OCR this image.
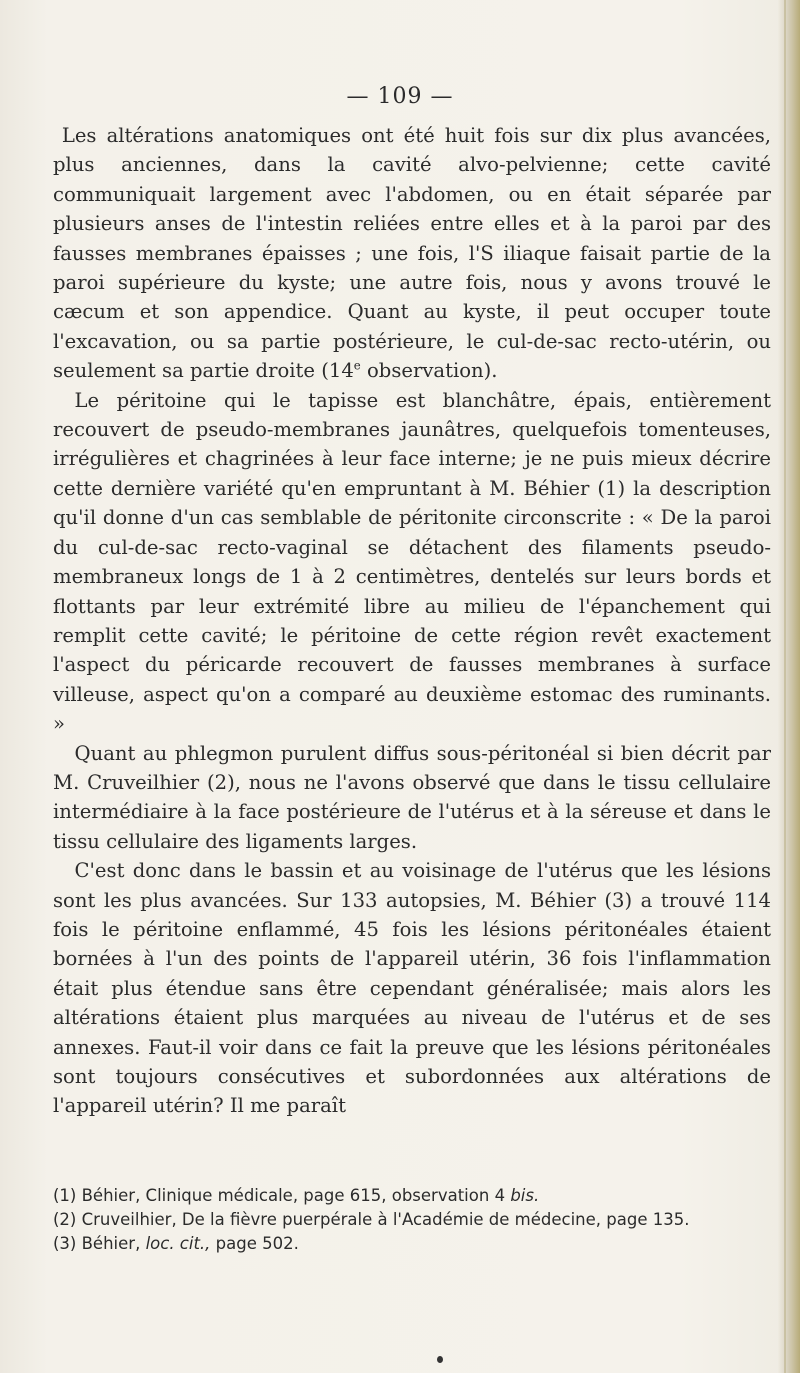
— 109 —

Les altérations anatomiques ont été huit fois sur dix plus avancées, plus anciennes, dans la cavité alvo-pelvienne; cette cavité communiquait largement avec l'abdomen, ou en était séparée par plusieurs anses de l'intestin reliées entre elles et à la paroi par des fausses membranes épaisses ; une fois, l'S iliaque faisait partie de la paroi supérieure du kyste; une autre fois, nous y avons trouvé le cæcum et son appendice. Quant au kyste, il peut occuper toute l'excavation, ou sa partie postérieure, le cul-de-sac recto-utérin, ou seulement sa partie droite (14e observation).

Le péritoine qui le tapisse est blanchâtre, épais, entièrement recouvert de pseudo-membranes jaunâtres, quelquefois tomenteuses, irrégulières et chagrinées à leur face interne; je ne puis mieux décrire cette dernière variété qu'en empruntant à M. Béhier (1) la description qu'il donne d'un cas semblable de péritonite circonscrite : « De la paroi du cul-de-sac recto-vaginal se détachent des filaments pseudo-membraneux longs de 1 à 2 centimètres, dentelés sur leurs bords et flottants par leur extrémité libre au milieu de l'épanchement qui remplit cette cavité; le péritoine de cette région revêt exactement l'aspect du péricarde recouvert de fausses membranes à surface villeuse, aspect qu'on a comparé au deuxième estomac des ruminants. »

Quant au phlegmon purulent diffus sous-péritonéal si bien décrit par M. Cruveilhier (2), nous ne l'avons observé que dans le tissu cellulaire intermédiaire à la face postérieure de l'utérus et à la séreuse et dans le tissu cellulaire des ligaments larges.

C'est donc dans le bassin et au voisinage de l'utérus que les lésions sont les plus avancées. Sur 133 autopsies, M. Béhier (3) a trouvé 114 fois le péritoine enflammé, 45 fois les lésions péritonéales étaient bornées à l'un des points de l'appareil utérin, 36 fois l'inflammation était plus étendue sans être cependant généralisée; mais alors les altérations étaient plus marquées au niveau de l'utérus et de ses annexes. Faut-il voir dans ce fait la preuve que les lésions péritonéales sont toujours consécutives et subordonnées aux altérations de l'appareil utérin? Il me paraît

(1) Béhier, Clinique médicale, page 615, observation 4 bis.

(2) Cruveilhier, De la fièvre puerpérale à l'Académie de médecine, page 135.

(3) Béhier, loc. cit., page 502.
